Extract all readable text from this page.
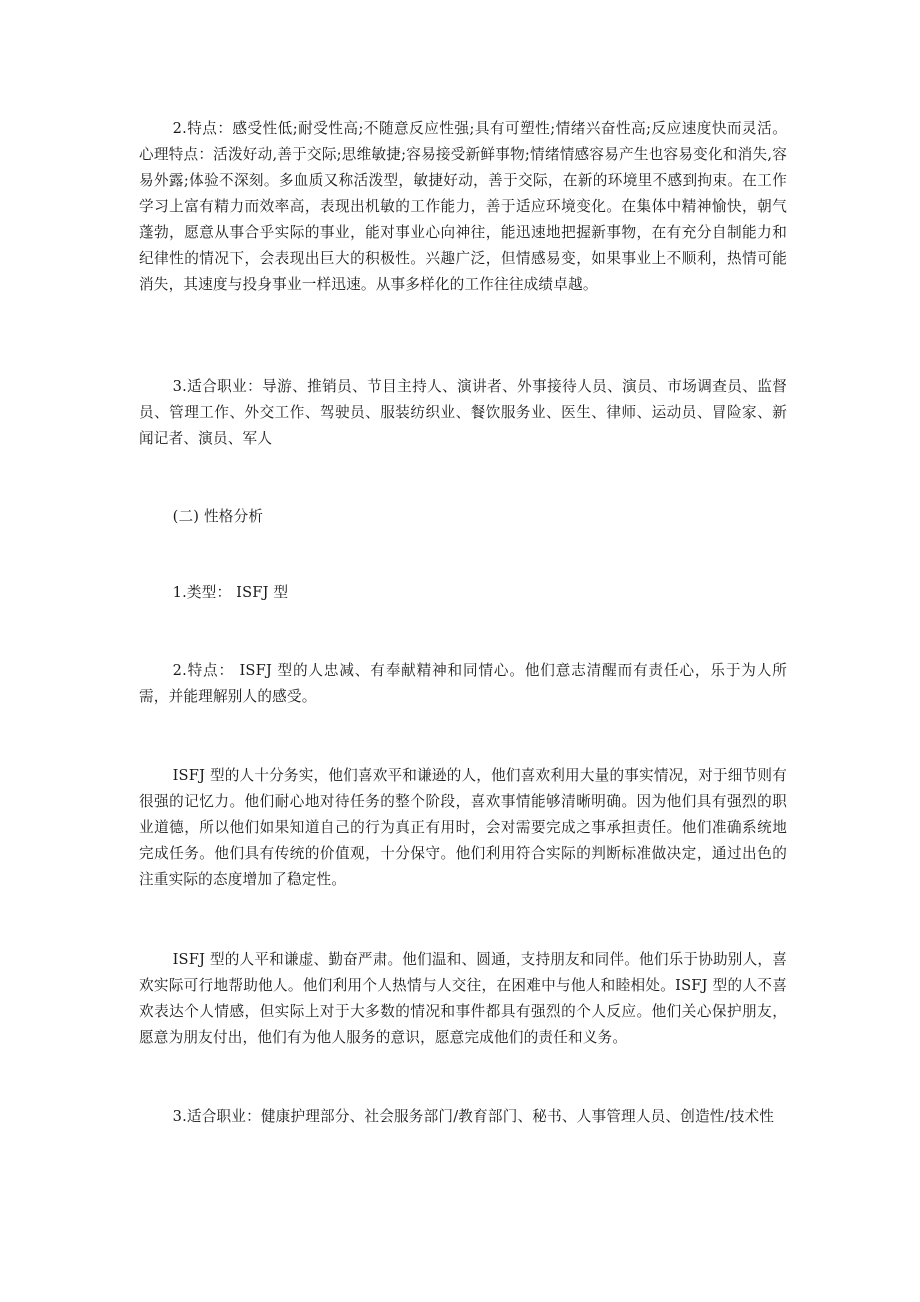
2.特点：感受性低;耐受性高;不随意反应性强;具有可塑性;情绪兴奋性高;反应速度快而灵活。 心理特点：活泼好动,善于交际;思维敏捷;容易接受新鲜事物;情绪情感容易产生也容易变化和消失,容易外露;体验不深刻。多血质又称活泼型，敏捷好动，善于交际，在新的环境里不感到拘束。在工作学习上富有精力而效率高，表现出机敏的工作能力，善于适应环境变化。在集体中精神愉快，朝气蓬勃，愿意从事合乎实际的事业，能对事业心向神往，能迅速地把握新事物，在有充分自制能力和纪律性的情况下，会表现出巨大的积极性。兴趣广泛，但情感易变，如果事业上不顺利，热情可能消失，其速度与投身事业一样迅速。从事多样化的工作往往成绩卓越。

3.适合职业：导游、推销员、节目主持人、演讲者、外事接待人员、演员、市场调查员、监督员、管理工作、外交工作、驾驶员、服装纺织业、餐饮服务业、医生、律师、运动员、冒险家、新闻记者、演员、军人

(二) 性格分析

1.类型： ISFJ 型

2.特点： ISFJ 型的人忠减、有奉献精神和同情心。他们意志清醒而有责任心，乐于为人所需，并能理解别人的感受。

ISFJ 型的人十分务实，他们喜欢平和谦逊的人，他们喜欢利用大量的事实情况，对于细节则有很强的记忆力。他们耐心地对待任务的整个阶段，喜欢事情能够清晰明确。因为他们具有强烈的职业道德，所以他们如果知道自己的行为真正有用时，会对需要完成之事承担责任。他们准确系统地完成任务。他们具有传统的价值观，十分保守。他们利用符合实际的判断标准做决定，通过出色的注重实际的态度增加了稳定性。

ISFJ 型的人平和谦虚、勤奋严肃。他们温和、圆通，支持朋友和同伴。他们乐于协助别人，喜欢实际可行地帮助他人。他们利用个人热情与人交往，在困难中与他人和睦相处。ISFJ 型的人不喜欢表达个人情感，但实际上对于大多数的情况和事件都具有强烈的个人反应。他们关心保护朋友，愿意为朋友付出，他们有为他人服务的意识，愿意完成他们的责任和义务。

3.适合职业：健康护理部分、社会服务部门/教育部门、秘书、人事管理人员、创造性/技术性
